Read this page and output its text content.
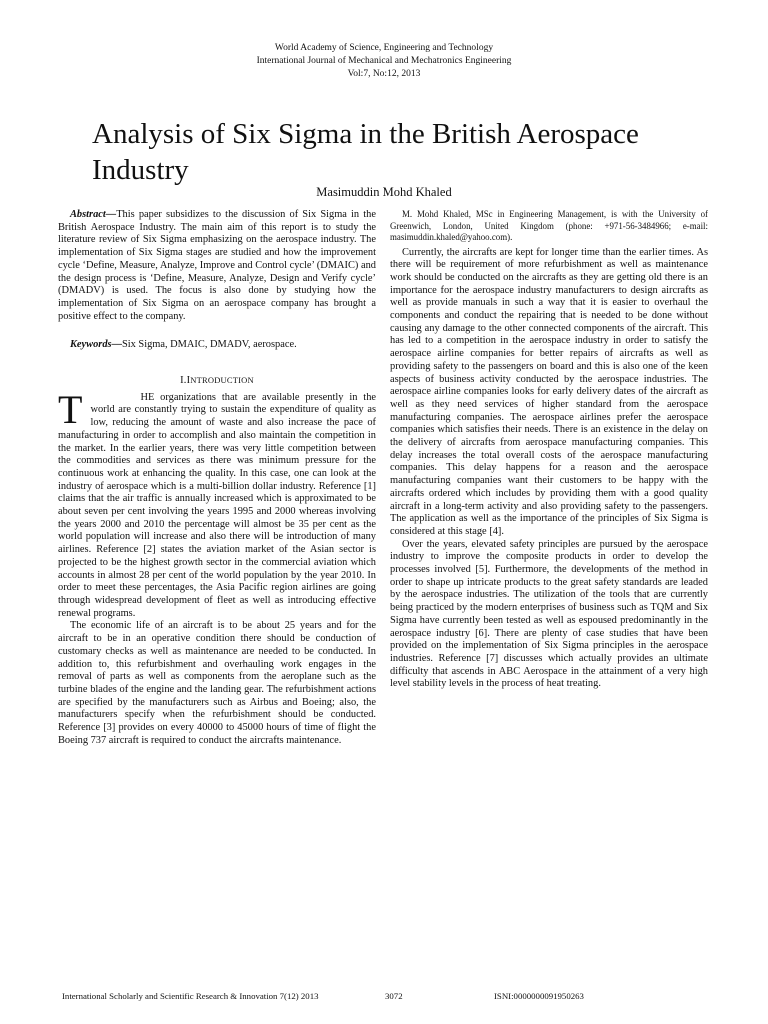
World Academy of Science, Engineering and Technology
International Journal of Mechanical and Mechatronics Engineering
Vol:7, No:12, 2013
Analysis of Six Sigma in the British Aerospace Industry
Masimuddin Mohd Khaled

Abstract—This paper subsidizes to the discussion of Six Sigma in the British Aerospace Industry. The main aim of this report is to study the literature review of Six Sigma emphasizing on the aerospace industry. The implementation of Six Sigma stages are studied and how the improvement cycle ‘Define, Measure, Analyze, Improve and Control cycle’ (DMAIC) and the design process is ‘Define, Measure, Analyze, Design and Verify cycle’ (DMADV) is used. The focus is also done by studying how the implementation of Six Sigma on an aerospace company has brought a positive effect to the company.

Keywords—Six Sigma, DMAIC, DMADV, aerospace.

I.INTRODUCTION

T	HE organizations that are available presently in the world are constantly trying to sustain the expenditure of quality as low, reducing the amount of waste and also increase the pace of manufacturing in order to accomplish and also maintain the competition in the market. In the earlier years, there was very little competition between the commodities and services as there was minimum pressure for the continuous work at enhancing the quality. In this case, one can look at the industry of aerospace which is a multi-billion dollar industry. Reference [1] claims that the air traffic is annually increased which is approximated to be about seven per cent involving the years 1995 and 2000 whereas involving the years 2000 and 2010 the percentage will almost be 35 per cent as the world population will increase and also there will be introduction of many airlines. Reference [2] states the aviation market of the Asian sector is projected to be the highest growth sector in the commercial aviation which accounts in almost 28 per cent of the world population by the year 2010. In order to meet these percentages, the Asia Pacific region airlines are going through widespread development of fleet as well as introducing effective renewal programs.

The economic life of an aircraft is to be about 25 years and for the aircraft to be in an operative condition there should be conduction of customary checks as well as maintenance are needed to be conducted. In addition to, this refurbishment and overhauling work engages in the removal of parts as well as components from the aeroplane such as the turbine blades of the engine and the landing gear. The refurbishment actions are specified by the manufacturers such as Airbus and Boeing; also, the manufacturers specify when the refurbishment should be conducted. Reference [3] provides on every 40000 to 45000 hours of time of flight the Boeing 737 aircraft is required to conduct the aircrafts maintenance.

M. Mohd Khaled, MSc in Engineering Management, is with the University of Greenwich, London, United Kingdom (phone: +971-56-3484966; e-mail: masimuddin.khaled@yahoo.com).

Currently, the aircrafts are kept for longer time than the earlier times. As there will be requirement of more refurbishment as well as maintenance work should be conducted on the aircrafts as they are getting old there is an importance for the aerospace industry manufacturers to design aircrafts as well as provide manuals in such a way that it is easier to overhaul the components and conduct the repairing that is needed to be done without causing any damage to the other connected components of the aircraft. This has led to a competition in the aerospace industry in order to satisfy the aerospace airline companies for better repairs of aircrafts as well as providing safety to the passengers on board and this is also one of the keen aspects of business activity conducted by the aerospace industries. The aerospace airline companies looks for early delivery dates of the aircraft as well as they need services of higher standard from the aerospace manufacturing companies. The aerospace airlines prefer the aerospace companies which satisfies their needs. There is an existence in the delay on the delivery of aircrafts from aerospace manufacturing companies. This delay increases the total overall costs of the aerospace manufacturing companies. This delay happens for a reason and the aerospace manufacturing companies want their customers to be happy with the aircrafts ordered which includes by providing them with a good quality aircraft in a long-term activity and also providing safety to the passengers. The application as well as the importance of the principles of Six Sigma is considered at this stage [4].

Over the years, elevated safety principles are pursued by the aerospace industry to improve the composite products in order to develop the processes involved [5]. Furthermore, the developments of the method in order to shape up intricate products to the great safety standards are leaded by the aerospace industries. The utilization of the tools that are currently being practiced by the modern enterprises of business such as TQM and Six Sigma have currently been tested as well as espoused predominantly in the aerospace industry [6]. There are plenty of case studies that have been provided on the implementation of Six Sigma principles in the aerospace industries. Reference [7] discusses which actually provides an ultimate difficulty that ascends in ABC Aerospace in the attainment of a very high level stability levels in the process of heat treating.

International Scholarly and Scientific Research & Innovation 7(12) 2013	3072	ISNI:0000000091950263
